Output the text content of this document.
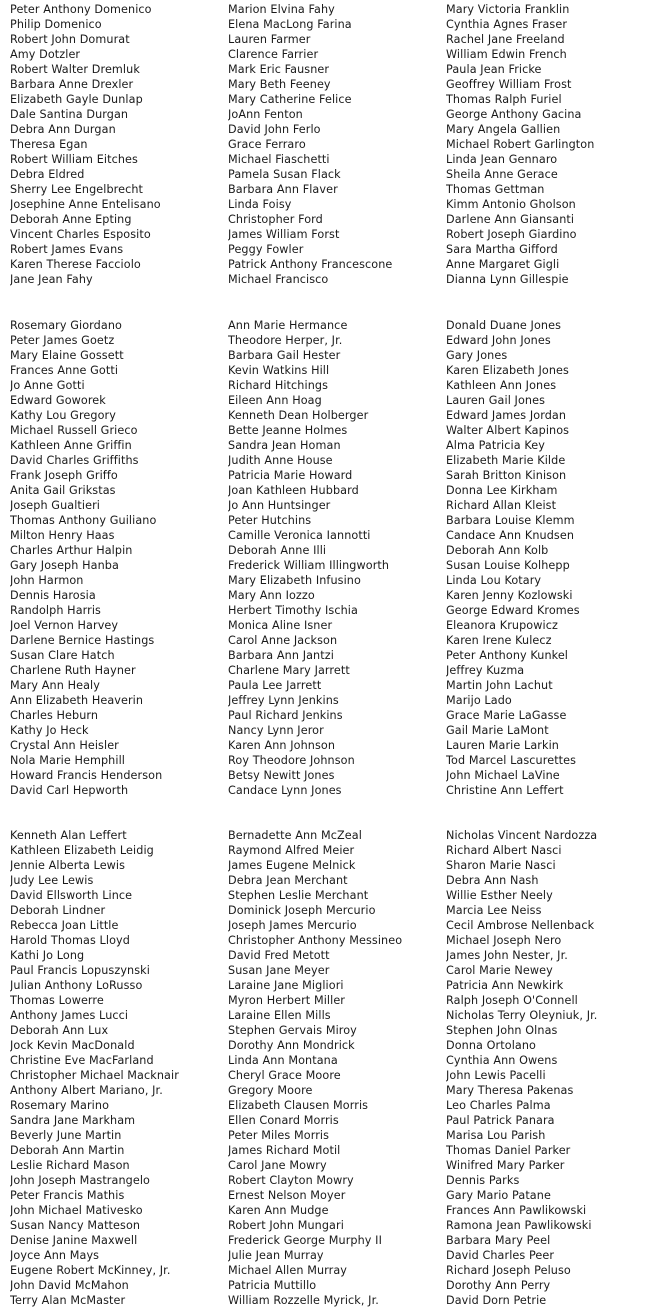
Peter Anthony Domenico
Philip Domenico
Robert John Domurat
Amy Dotzler
Robert Walter Dremluk
Barbara Anne Drexler
Elizabeth Gayle Dunlap
Dale Santina Durgan
Debra Ann Durgan
Theresa Egan
Robert William Eitches
Debra Eldred
Sherry Lee Engelbrecht
Josephine Anne Entelisano
Deborah Anne Epting
Vincent Charles Esposito
Robert James Evans
Karen Therese Facciolo
Jane Jean Fahy
Marion Elvina Fahy
Elena MacLong Farina
Lauren Farmer
Clarence Farrier
Mark Eric Fausner
Mary Beth Feeney
Mary Catherine Felice
JoAnn Fenton
David John Ferlo
Grace Ferraro
Michael Fiaschetti
Pamela Susan Flack
Barbara Ann Flaver
Linda Foisy
Christopher Ford
James William Forst
Peggy Fowler
Patrick Anthony Francescone
Michael Francisco
Mary Victoria Franklin
Cynthia Agnes Fraser
Rachel Jane Freeland
William Edwin French
Paula Jean Fricke
Geoffrey William Frost
Thomas Ralph Furiel
George Anthony Gacina
Mary Angela Gallien
Michael Robert Garlington
Linda Jean Gennaro
Sheila Anne Gerace
Thomas Gettman
Kimm Antonio Gholson
Darlene Ann Giansanti
Robert Joseph Giardino
Sara Martha Gifford
Anne Margaret Gigli
Dianna Lynn Gillespie
Rosemary Giordano
Peter James Goetz
Mary Elaine Gossett
Frances Anne Gotti
Jo Anne Gotti
Edward Goworek
Kathy Lou Gregory
Michael Russell Grieco
Kathleen Anne Griffin
David Charles Griffiths
Frank Joseph Griffo
Anita Gail Grikstas
Joseph Gualtieri
Thomas Anthony Guiliano
Milton Henry Haas
Charles Arthur Halpin
Gary Joseph Hanba
John Harmon
Dennis Harosia
Randolph Harris
Joel Vernon Harvey
Darlene Bernice Hastings
Susan Clare Hatch
Charlene Ruth Hayner
Mary Ann Healy
Ann Elizabeth Heaverin
Charles Heburn
Kathy Jo Heck
Crystal Ann Heisler
Nola Marie Hemphill
Howard Francis Henderson
David Carl Hepworth
Ann Marie Hermance
Theodore Herper, Jr.
Barbara Gail Hester
Kevin Watkins Hill
Richard Hitchings
Eileen Ann Hoag
Kenneth Dean Holberger
Bette Jeanne Holmes
Sandra Jean Homan
Judith Anne House
Patricia Marie Howard
Joan Kathleen Hubbard
Jo Ann Huntsinger
Peter Hutchins
Camille Veronica Iannotti
Deborah Anne Illi
Frederick William Illingworth
Mary Elizabeth Infusino
Mary Ann Iozzo
Herbert Timothy Ischia
Monica Aline Isner
Carol Anne Jackson
Barbara Ann Jantzi
Charlene Mary Jarrett
Paula Lee Jarrett
Jeffrey Lynn Jenkins
Paul Richard Jenkins
Nancy Lynn Jeror
Karen Ann Johnson
Roy Theodore Johnson
Betsy Newitt Jones
Candace Lynn Jones
Donald Duane Jones
Edward John Jones
Gary Jones
Karen Elizabeth Jones
Kathleen Ann Jones
Lauren Gail Jones
Edward James Jordan
Walter Albert Kapinos
Alma Patricia Key
Elizabeth Marie Kilde
Sarah Britton Kinison
Donna Lee Kirkham
Richard Allan Kleist
Barbara Louise Klemm
Candace Ann Knudsen
Deborah Ann Kolb
Susan Louise Kolhepp
Linda Lou Kotary
Karen Jenny Kozlowski
George Edward Kromes
Eleanora Krupowicz
Karen Irene Kulecz
Peter Anthony Kunkel
Jeffrey Kuzma
Martin John Lachut
Marijo Lado
Grace Marie LaGasse
Gail Marie LaMont
Lauren Marie Larkin
Tod Marcel Lascurettes
John Michael LaVine
Christine Ann Leffert
Kenneth Alan Leffert
Kathleen Elizabeth Leidig
Jennie Alberta Lewis
Judy Lee Lewis
David Ellsworth Lince
Deborah Lindner
Rebecca Joan Little
Harold Thomas Lloyd
Kathi Jo Long
Paul Francis Lopuszynski
Julian Anthony LoRusso
Thomas Lowerre
Anthony James Lucci
Deborah Ann Lux
Jock Kevin MacDonald
Christine Eve MacFarland
Christopher Michael Macknair
Anthony Albert Mariano, Jr.
Rosemary Marino
Sandra Jane Markham
Beverly June Martin
Deborah Ann Martin
Leslie Richard Mason
John Joseph Mastrangelo
Peter Francis Mathis
John Michael Mativesko
Susan Nancy Matteson
Denise Janine Maxwell
Joyce Ann Mays
Eugene Robert McKinney, Jr.
John David McMahon
Terry Alan McMaster
Bernadette Ann McZeal
Raymond Alfred Meier
James Eugene Melnick
Debra Jean Merchant
Stephen Leslie Merchant
Dominick Joseph Mercurio
Joseph James Mercurio
Christopher Anthony Messineo
David Fred Metott
Susan Jane Meyer
Laraine Jane Migliori
Myron Herbert Miller
Laraine Ellen Mills
Stephen Gervais Miroy
Dorothy Ann Mondrick
Linda Ann Montana
Cheryl Grace Moore
Gregory Moore
Elizabeth Clausen Morris
Ellen Conard Morris
Peter Miles Morris
James Richard Motil
Carol Jane Mowry
Robert Clayton Mowry
Ernest Nelson Moyer
Karen Ann Mudge
Robert John Mungari
Frederick George Murphy II
Julie Jean Murray
Michael Allen Murray
Patricia Muttillo
William Rozzelle Myrick, Jr.
Nicholas Vincent Nardozza
Richard Albert Nasci
Sharon Marie Nasci
Debra Ann Nash
Willie Esther Neely
Marcia Lee Neiss
Cecil Ambrose Nellenback
Michael Joseph Nero
James John Nester, Jr.
Carol Marie Newey
Patricia Ann Newkirk
Ralph Joseph O'Connell
Nicholas Terry Oleyniuk, Jr.
Stephen John Olnas
Donna Ortolano
Cynthia Ann Owens
John Lewis Pacelli
Mary Theresa Pakenas
Leo Charles Palma
Paul Patrick Panara
Marisa Lou Parish
Thomas Daniel Parker
Winifred Mary Parker
Dennis Parks
Gary Mario Patane
Frances Ann Pawlikowski
Ramona Jean Pawlikowski
Barbara Mary Peel
David Charles Peer
Richard Joseph Peluso
Dorothy Ann Perry
David Dorn Petrie
